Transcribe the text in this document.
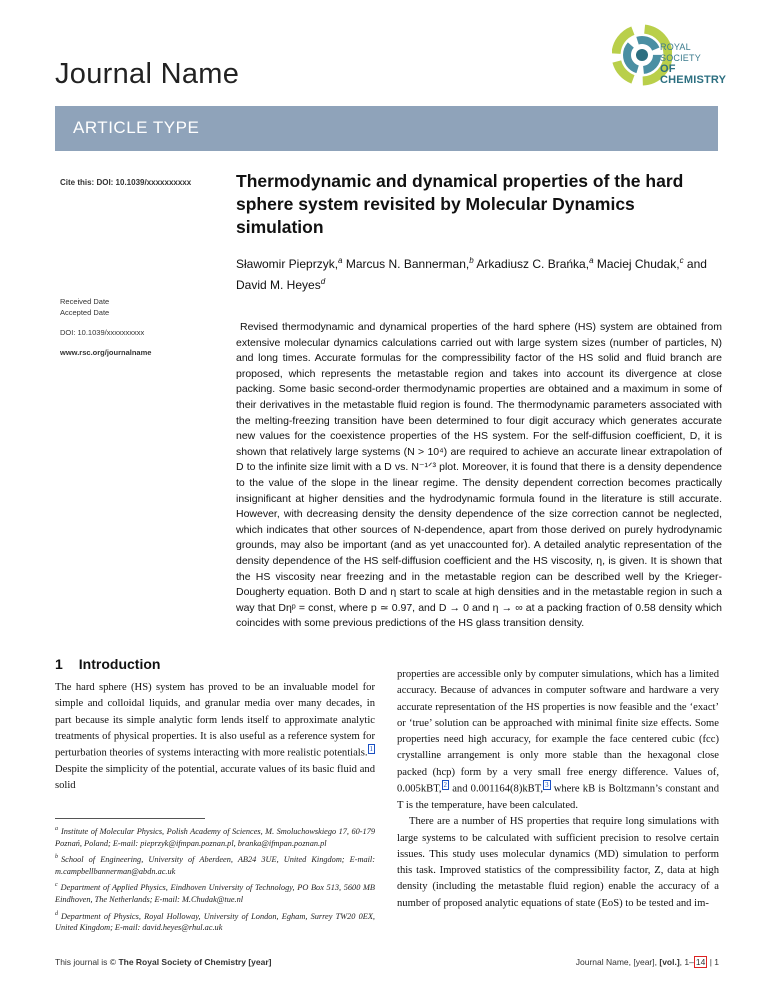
ROYAL SOCIETY
OF CHEMISTRY
Journal Name
ARTICLE TYPE
Cite this: DOI: 10.1039/xxxxxxxxxx
Received Date
Accepted Date
DOI: 10.1039/xxxxxxxxxx
www.rsc.org/journalname
Thermodynamic and dynamical properties of the hard sphere system revisited by Molecular Dynamics simulation
Sławomir Pieprzyk,$^a$ Marcus N. Bannerman,$^b$ Arkadiusz C. Brańka,$^a$ Maciej Chudak,$^c$ and David M. Heyes$^d$
Revised thermodynamic and dynamical properties of the hard sphere (HS) system are obtained from extensive molecular dynamics calculations carried out with large system sizes (number of particles, N) and long times. Accurate formulas for the compressibility factor of the HS solid and fluid branch are proposed, which represents the metastable region and takes into account its divergence at close packing. Some basic second-order thermodynamic properties are obtained and a maximum in some of their derivatives in the metastable fluid region is found. The thermodynamic parameters associated with the melting-freezing transition have been determined to four digit accuracy which generates accurate new values for the coexistence properties of the HS system. For the self-diffusion coefficient, D, it is shown that relatively large systems (N > 10⁴) are required to achieve an accurate linear extrapolation of D to the infinite size limit with a D vs. N⁻¹ᐟ³ plot. Moreover, it is found that there is a density dependence to the value of the slope in the linear regime. The density dependent correction becomes practically insignificant at higher densities and the hydrodynamic formula found in the literature is still accurate. However, with decreasing density the density dependence of the size correction cannot be neglected, which indicates that other sources of N-dependence, apart from those derived on purely hydrodynamic grounds, may also be important (and as yet unaccounted for). A detailed analytic representation of the density dependence of the HS self-diffusion coefficient and the HS viscosity, η, is given. It is shown that the HS viscosity near freezing and in the metastable region can be described well by the Krieger-Dougherty equation. Both D and η start to scale at high densities and in the metastable region in such a way that Dηᵖ = const, where p ≃ 0.97, and D → 0 and η → ∞ at a packing fraction of 0.58 density which coincides with some previous predictions of the HS glass transition density.
1 Introduction

The hard sphere (HS) system has proved to be an invaluable model for simple and colloidal liquids, and granular media over many decades, in part because its simple analytic form lends itself to approximate analytic treatments of physical properties. It is also useful as a reference system for perturbation theories of systems interacting with more realistic potentials. $^1$ Despite the simplicity of the potential, accurate values of its basic fluid and solid

properties are accessible only by computer simulations, which has a limited accuracy. Because of advances in computer software and hardware a very accurate representation of the HS properties is now feasible and the ‘exact’ or ‘true’ solution can be approached with minimal finite size effects. Some properties need high accuracy, for example the face centered cubic (fcc) crystalline arrangement is only more stable than the hexagonal close packed (hcp) form by a very small free energy difference. Values of, 0.005kBT, $^2$ and 0.001164(8)kBT, $^3$ where kB is Boltzmann’s constant and T is the temperature, have been calculated.

There are a number of HS properties that require long simulations with large systems to be calculated with sufficient precision to resolve certain issues. This study uses molecular dynamics (MD) simulation to perform this task. Improved statistics of the compressibility factor, Z, data at high density (including the metastable fluid region) enable the accuracy of a number of proposed analytic equations of state (EoS) to be tested and im-

$^a$ Institute of Molecular Physics, Polish Academy of Sciences, M. Smoluchowskiego 17, 60-179 Poznań, Poland; E-mail: pieprzyk@ifmpan.poznan.pl, branka@ifmpan.poznan.pl

$^b$ School of Engineering, University of Aberdeen, AB24 3UE, United Kingdom; E-mail: m.campbellbannerman@abdn.ac.uk

$^c$ Department of Applied Physics, Eindhoven University of Technology, PO Box 513, 5600 MB Eindhoven, The Netherlands; E-mail: M.Chudak@tue.nl

$^d$ Department of Physics, Royal Holloway, University of London, Egham, Surrey TW20 0EX, United Kingdom; E-mail: david.heyes@rhul.ac.uk

This journal is © The Royal Society of Chemistry [year]	Journal Name, [year], [vol.], 1– 14 | 1
